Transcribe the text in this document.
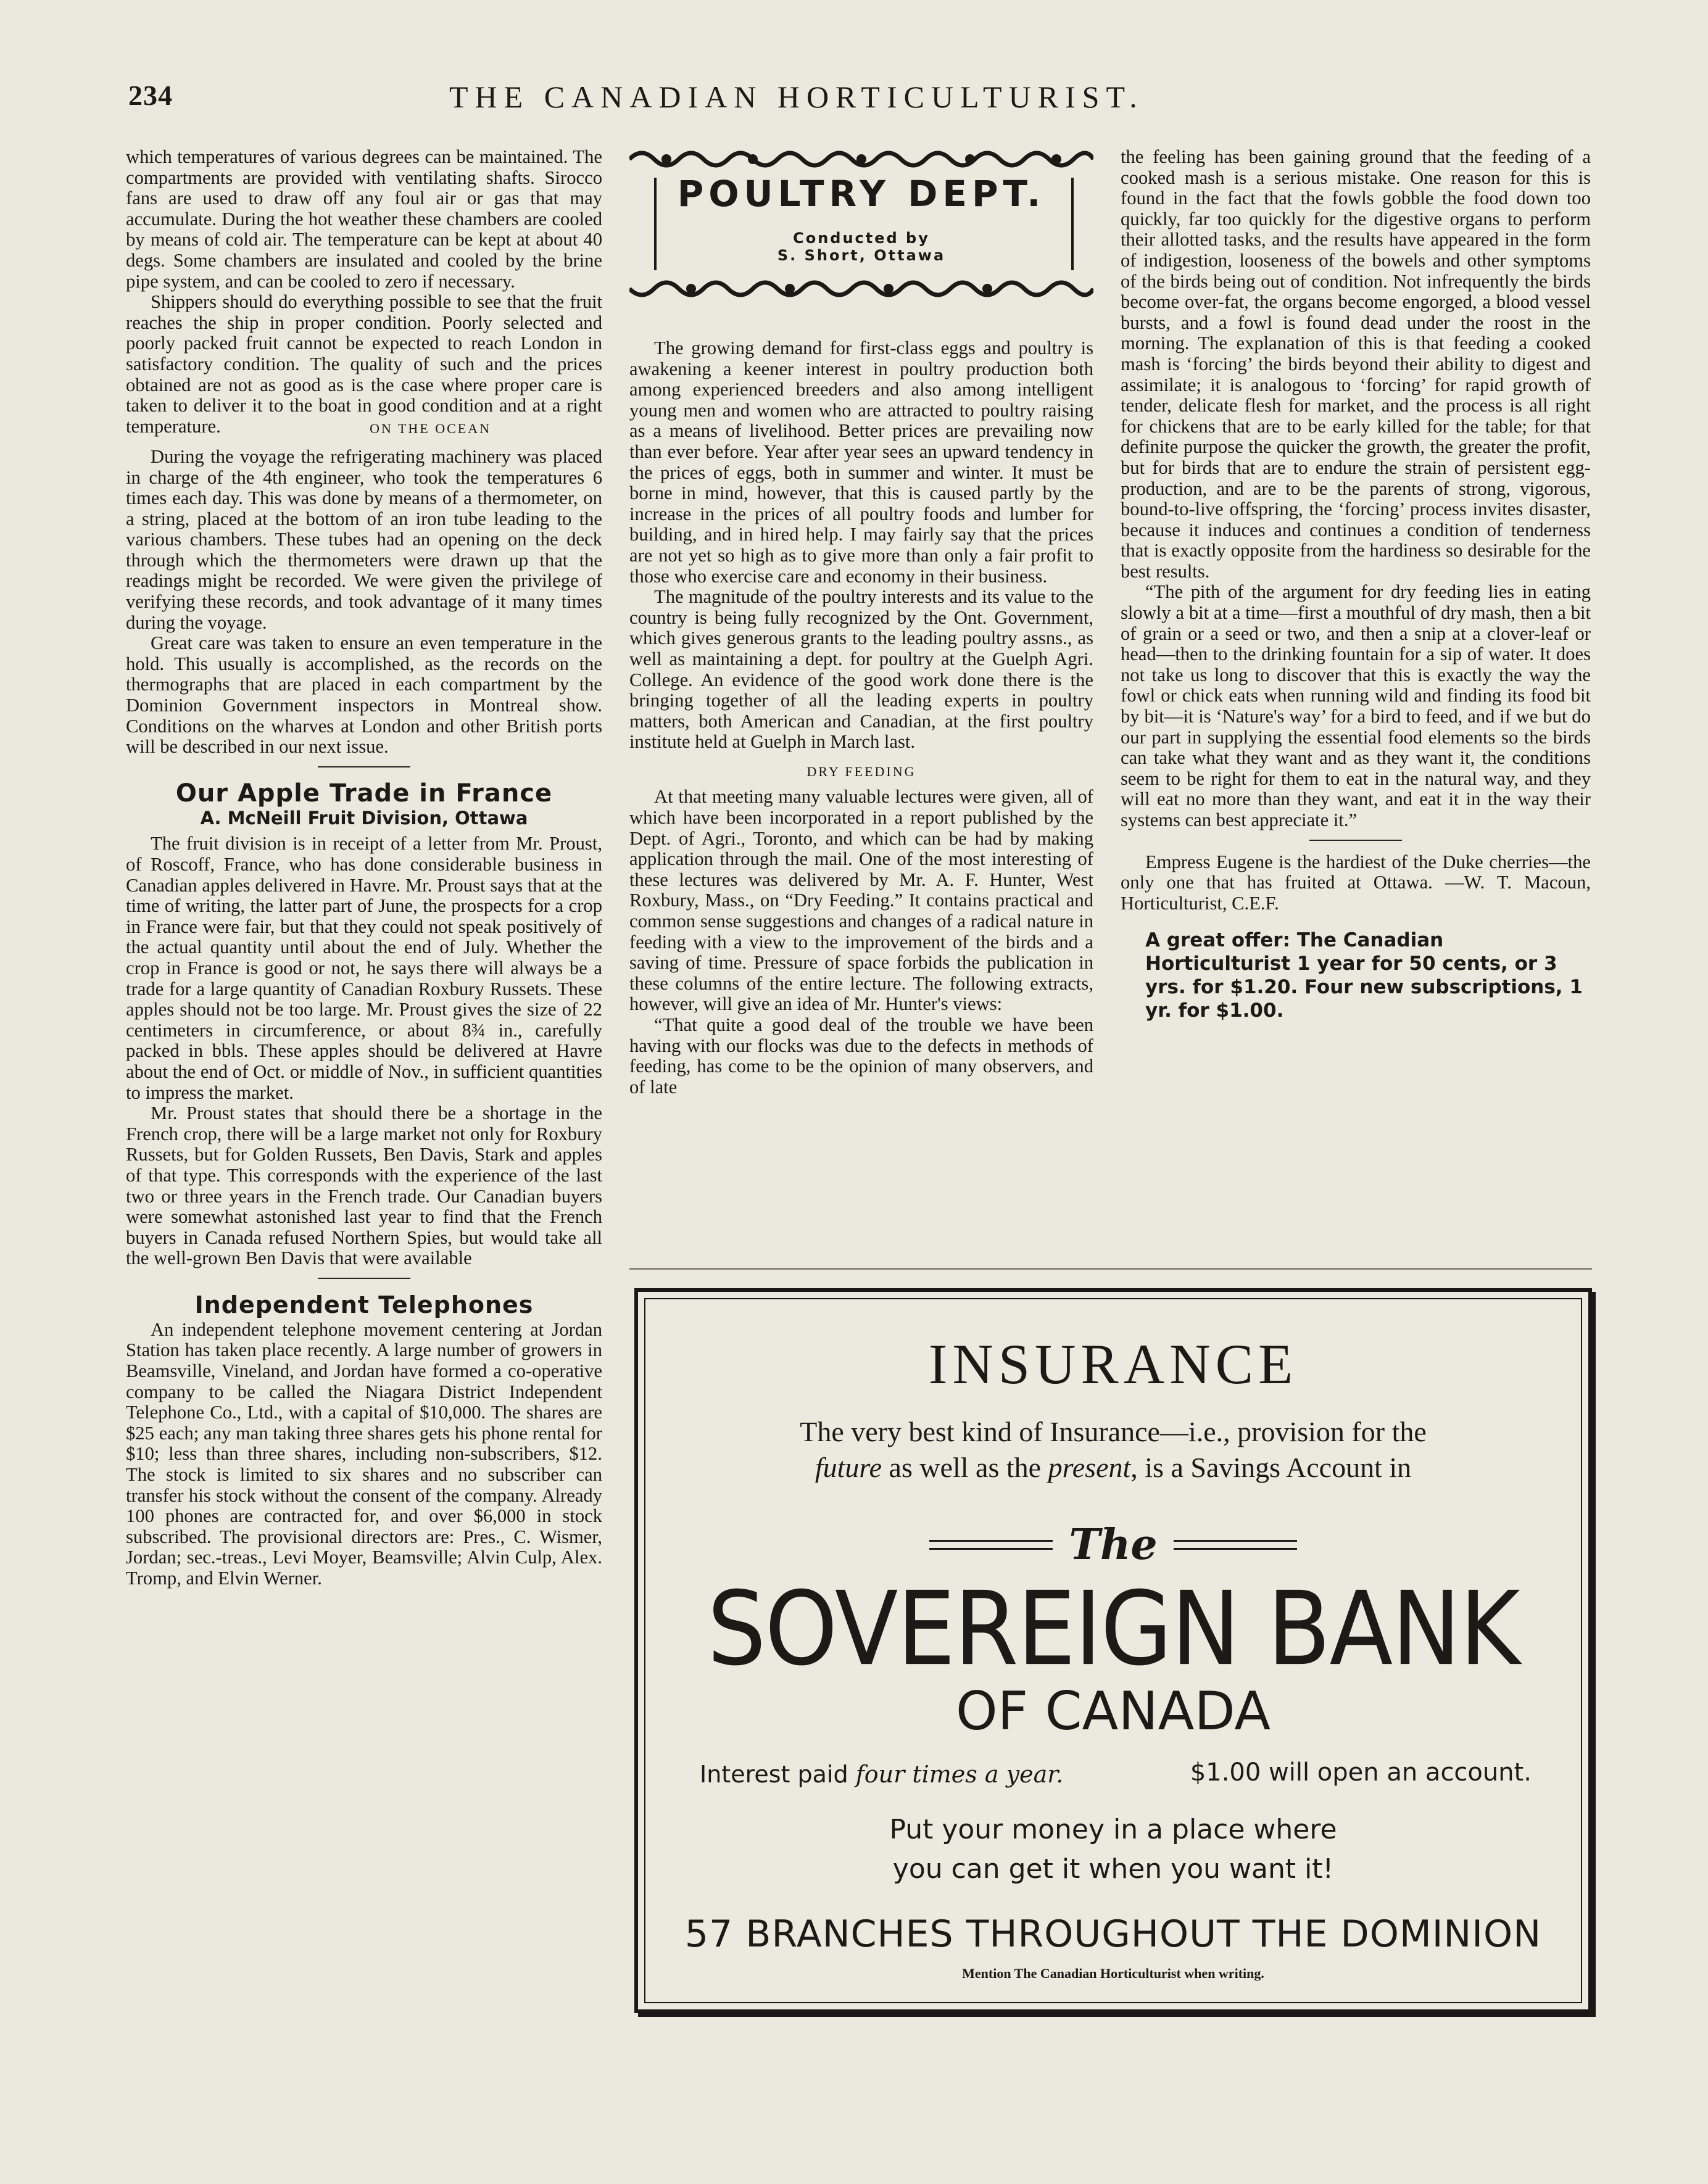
234	THE CANADIAN HORTICULTURIST.

which temperatures of various degrees can be maintained. The compartments are provided with ventilating shafts. Sirocco fans are used to draw off any foul air or gas that may accumulate. During the hot weather these chambers are cooled by means of cold air. The temperature can be kept at about 40 degs. Some chambers are insulated and cooled by the brine pipe system, and can be cooled to zero if necessary.

Shippers should do everything possible to see that the fruit reaches the ship in proper condition. Poorly selected and poorly packed fruit cannot be expected to reach London in satisfactory condition. The quality of such and the prices obtained are not as good as is the case where proper care is taken to deliver it to the boat in good condition and at a right temperature.	ON THE OCEAN

During the voyage the refrigerating machinery was placed in charge of the 4th engineer, who took the temperatures 6 times each day. This was done by means of a thermometer, on a string, placed at the bottom of an iron tube leading to the various chambers. These tubes had an opening on the deck through which the thermometers were drawn up that the readings might be recorded. We were given the privilege of verifying these records, and took advantage of it many times during the voyage.

Great care was taken to ensure an even temperature in the hold. This usually is accomplished, as the records on the thermographs that are placed in each compartment by the Dominion Government inspectors in Montreal show. Conditions on the wharves at London and other British ports will be described in our next issue.

Our Apple Trade in France
A. McNeill Fruit Division, Ottawa

The fruit division is in receipt of a letter from Mr. Proust, of Roscoff, France, who has done considerable business in Canadian apples delivered in Havre. Mr. Proust says that at the time of writing, the latter part of June, the prospects for a crop in France were fair, but that they could not speak positively of the actual quantity until about the end of July. Whether the crop in France is good or not, he says there will always be a trade for a large quantity of Canadian Roxbury Russets. These apples should not be too large. Mr. Proust gives the size of 22 centimeters in circumference, or about 8¾ in., carefully packed in bbls. These apples should be delivered at Havre about the end of Oct. or middle of Nov., in sufficient quantities to impress the market.

Mr. Proust states that should there be a shortage in the French crop, there will be a large market not only for Roxbury Russets, but for Golden Russets, Ben Davis, Stark and apples of that type. This corresponds with the experience of the last two or three years in the French trade. Our Canadian buyers were somewhat astonished last year to find that the French buyers in Canada refused Northern Spies, but would take all the well-grown Ben Davis that were available

Independent Telephones

An independent telephone movement centering at Jordan Station has taken place recently. A large number of growers in Beamsville, Vineland, and Jordan have formed a co-operative company to be called the Niagara District Independent Telephone Co., Ltd., with a capital of $10,000. The shares are $25 each; any man taking three shares gets his phone rental for $10; less than three shares, including non-subscribers, $12. The stock is limited to six shares and no subscriber can transfer his stock without the consent of the company. Already 100 phones are contracted for, and over $6,000 in stock subscribed. The provisional directors are: Pres., C. Wismer, Jordan; sec.-treas., Levi Moyer, Beamsville; Alvin Culp, Alex. Tromp, and Elvin Werner.

POULTRY DEPT.
Conducted by
S. Short, Ottawa

The growing demand for first-class eggs and poultry is awakening a keener interest in poultry production both among experienced breeders and also among intelligent young men and women who are attracted to poultry raising as a means of livelihood. Better prices are prevailing now than ever before. Year after year sees an upward tendency in the prices of eggs, both in summer and winter. It must be borne in mind, however, that this is caused partly by the increase in the prices of all poultry foods and lumber for building, and in hired help. I may fairly say that the prices are not yet so high as to give more than only a fair profit to those who exercise care and economy in their business.

The magnitude of the poultry interests and its value to the country is being fully recognized by the Ont. Government, which gives generous grants to the leading poultry assns., as well as maintaining a dept. for poultry at the Guelph Agri. College. An evidence of the good work done there is the bringing together of all the leading experts in poultry matters, both American and Canadian, at the first poultry institute held at Guelph in March last.

DRY FEEDING

At that meeting many valuable lectures were given, all of which have been incorporated in a report published by the Dept. of Agri., Toronto, and which can be had by making application through the mail. One of the most interesting of these lectures was delivered by Mr. A. F. Hunter, West Roxbury, Mass., on “Dry Feeding.” It contains practical and common sense suggestions and changes of a radical nature in feeding with a view to the improvement of the birds and a saving of time. Pressure of space forbids the publication in these columns of the entire lecture. The following extracts, however, will give an idea of Mr. Hunter's views:

“That quite a good deal of the trouble we have been having with our flocks was due to the defects in methods of feeding, has come to be the opinion of many observers, and of late

the feeling has been gaining ground that the feeding of a cooked mash is a serious mistake. One reason for this is found in the fact that the fowls gobble the food down too quickly, far too quickly for the digestive organs to perform their allotted tasks, and the results have appeared in the form of indigestion, looseness of the bowels and other symptoms of the birds being out of condition. Not infrequently the birds become over-fat, the organs become engorged, a blood vessel bursts, and a fowl is found dead under the roost in the morning. The explanation of this is that feeding a cooked mash is ‘forcing’ the birds beyond their ability to digest and assimilate; it is analogous to ‘forcing’ for rapid growth of tender, delicate flesh for market, and the process is all right for chickens that are to be early killed for the table; for that definite purpose the quicker the growth, the greater the profit, but for birds that are to endure the strain of persistent egg-production, and are to be the parents of strong, vigorous, bound-to-live offspring, the ‘forcing’ process invites disaster, because it induces and continues a condition of tenderness that is exactly opposite from the hardiness so desirable for the best results.

“The pith of the argument for dry feeding lies in eating slowly a bit at a time—first a mouthful of dry mash, then a bit of grain or a seed or two, and then a snip at a clover-leaf or head—then to the drinking fountain for a sip of water. It does not take us long to discover that this is exactly the way the fowl or chick eats when running wild and finding its food bit by bit—it is ‘Nature's way’ for a bird to feed, and if we but do our part in supplying the essential food elements so the birds can take what they want and as they want it, the conditions seem to be right for them to eat in the natural way, and they will eat no more than they want, and eat it in the way their systems can best appreciate it.”

Empress Eugene is the hardiest of the Duke cherries—the only one that has fruited at Ottawa. —W. T. Macoun, Horticulturist, C.E.F.

A great offer: The Canadian Horticulturist 1 year for 50 cents, or 3 yrs. for $1.20. Four new subscriptions, 1 yr. for $1.00.
INSURANCE
The very best kind of Insurance—i.e., provision for the
future as well as the present, is a Savings Account in
The
SOVEREIGN BANK
OF CANADA
Interest paid four times a year.	$1.00 will open an account.
Put your money in a place where
you can get it when you want it!
57 BRANCHES THROUGHOUT THE DOMINION
Mention The Canadian Horticulturist when writing.
